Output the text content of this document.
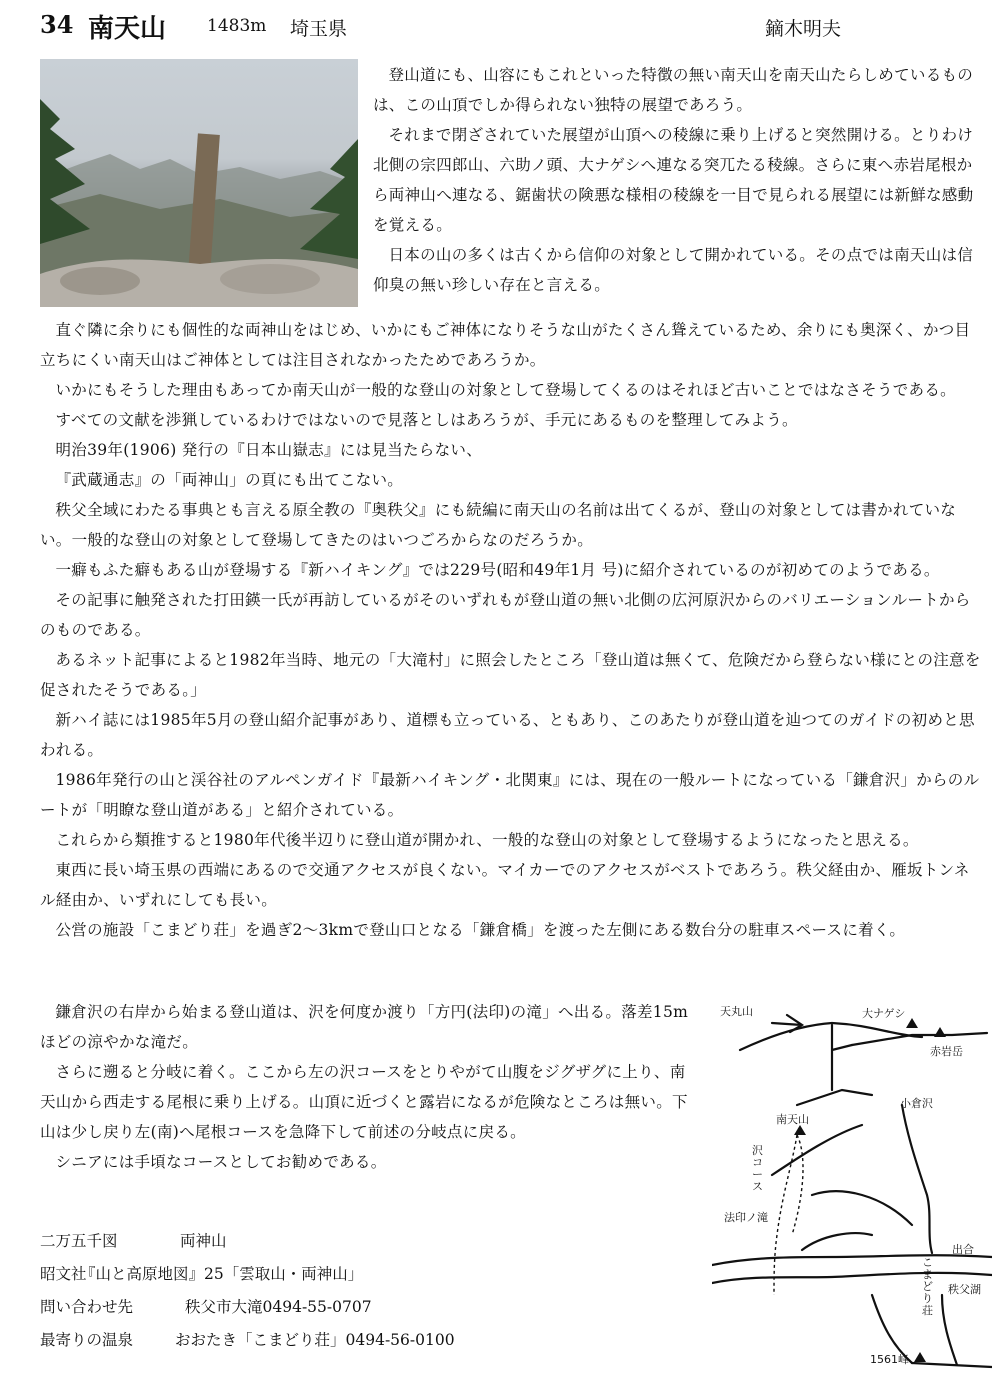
34 南天山 1483m 埼玉県	鏑木明夫

登山道にも、山容にもこれといった特徴の無い南天山を南天山たらしめているものは、この山頂でしか得られない独特の展望であろう。

それまで閉ざされていた展望が山頂への稜線に乗り上げると突然開ける。とりわけ北側の宗四郎山、六助ノ頭、大ナゲシへ連なる突兀たる稜線。さらに東へ赤岩尾根から両神山へ連なる、鋸歯状の険悪な様相の稜線を一目で見られる展望には新鮮な感動を覚える。

日本の山の多くは古くから信仰の対象として開かれている。その点では南天山は信仰臭の無い珍しい存在と言える。

直ぐ隣に余りにも個性的な両神山をはじめ、いかにもご神体になりそうな山がたくさん聳えているため、余りにも奥深く、かつ目立ちにくい南天山はご神体としては注目されなかったためであろうか。

いかにもそうした理由もあってか南天山が一般的な登山の対象として登場してくるのはそれほど古いことではなさそうである。

すべての文献を渉猟しているわけではないので見落としはあろうが、手元にあるものを整理してみよう。

明治39年(1906) 発行の『日本山嶽志』には見当たらない、

『武蔵通志』の「両神山」の頁にも出てこない。

秩父全域にわたる事典とも言える原全教の『奥秩父』にも続編に南天山の名前は出てくるが、登山の対象としては書かれていない。一般的な登山の対象として登場してきたのはいつごろからなのだろうか。

一癖もふた癖もある山が登場する『新ハイキング』では229号(昭和49年1月 号)に紹介されているのが初めてのようである。

その記事に触発された打田鍈一氏が再訪しているがそのいずれもが登山道の無い北側の広河原沢からのバリエーションルートからのものである。

あるネット記事によると1982年当時、地元の「大滝村」に照会したところ「登山道は無くて、危険だから登らない様にとの注意を促されたそうである。」

新ハイ誌には1985年5月の登山紹介記事があり、道標も立っている、ともあり、このあたりが登山道を辿つてのガイドの初めと思われる。

1986年発行の山と渓谷社のアルペンガイド『最新ハイキング・北関東』には、現在の一般ルートになっている「鎌倉沢」からのルートが「明瞭な登山道がある」と紹介されている。

これらから類推すると1980年代後半辺りに登山道が開かれ、一般的な登山の対象として登場するようになったと思える。

東西に長い埼玉県の西端にあるので交通アクセスが良くない。マイカーでのアクセスがベストであろう。秩父経由か、雁坂トンネル経由か、いずれにしても長い。

公営の施設「こまどり荘」を過ぎ2～3kmで登山口となる「鎌倉橋」を渡った左側にある数台分の駐車スペースに着く。

鎌倉沢の右岸から始まる登山道は、沢を何度か渡り「方円(法印)の滝」へ出る。落差15mほどの涼やかな滝だ。

さらに遡ると分岐に着く。ここから左の沢コースをとりやがて山腹をジグザグに上り、南天山から西走する尾根に乗り上げる。山頂に近づくと露岩になるが危険なところは無い。下山は少し戻り左(南)へ尾根コースを急降下して前述の分岐点に戻る。

シニアには手頃なコースとしてお勧めである。

二万五千図	両神山
昭文社
『山と高原地図』25「雲取山・両神山」
問い合わせ先	秩父市大滝0494-55-0707
最寄りの温泉	おおたき「こまどり荘」0494-56-0100
天丸山	大ナゲシ
赤岩岳
小倉沢
南天山
沢コース
法印ノ滝
出合
こまどり荘
秩父湖
1561峰
